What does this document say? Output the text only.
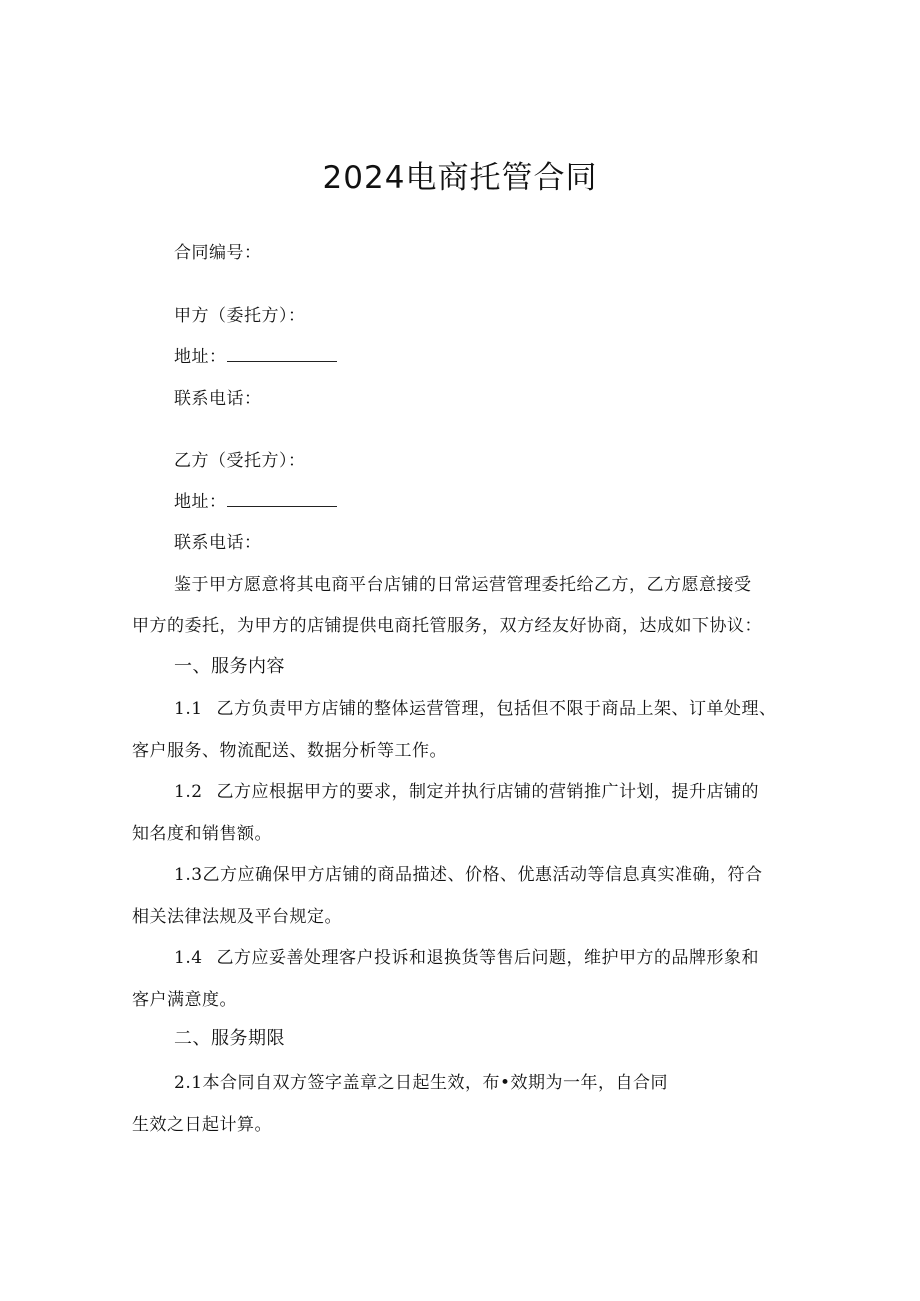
2024电商托管合同
合同编号：
甲方（委托方）：
地址：
联系电话：
乙方（受托方）：
地址：
联系电话：
鉴于甲方愿意将其电商平台店铺的日常运营管理委托给乙方，乙方愿意接受
甲方的委托，为甲方的店铺提供电商托管服务，双方经友好协商，达成如下协议：
一、服务内容
1.1 乙方负责甲方店铺的整体运营管理，包括但不限于商品上架、订单处理、
客户服务、物流配送、数据分析等工作。
1.2 乙方应根据甲方的要求，制定并执行店铺的营销推广计划，提升店铺的
知名度和销售额。
1.3乙方应确保甲方店铺的商品描述、价格、优惠活动等信息真实准确，符合
相关法律法规及平台规定。
1.4 乙方应妥善处理客户投诉和退换货等售后问题，维护甲方的品牌形象和
客户满意度。
二、服务期限
2.1本合同自双方签字盖章之日起生效，布•效期为一年，自合同
生效之日起计算。
